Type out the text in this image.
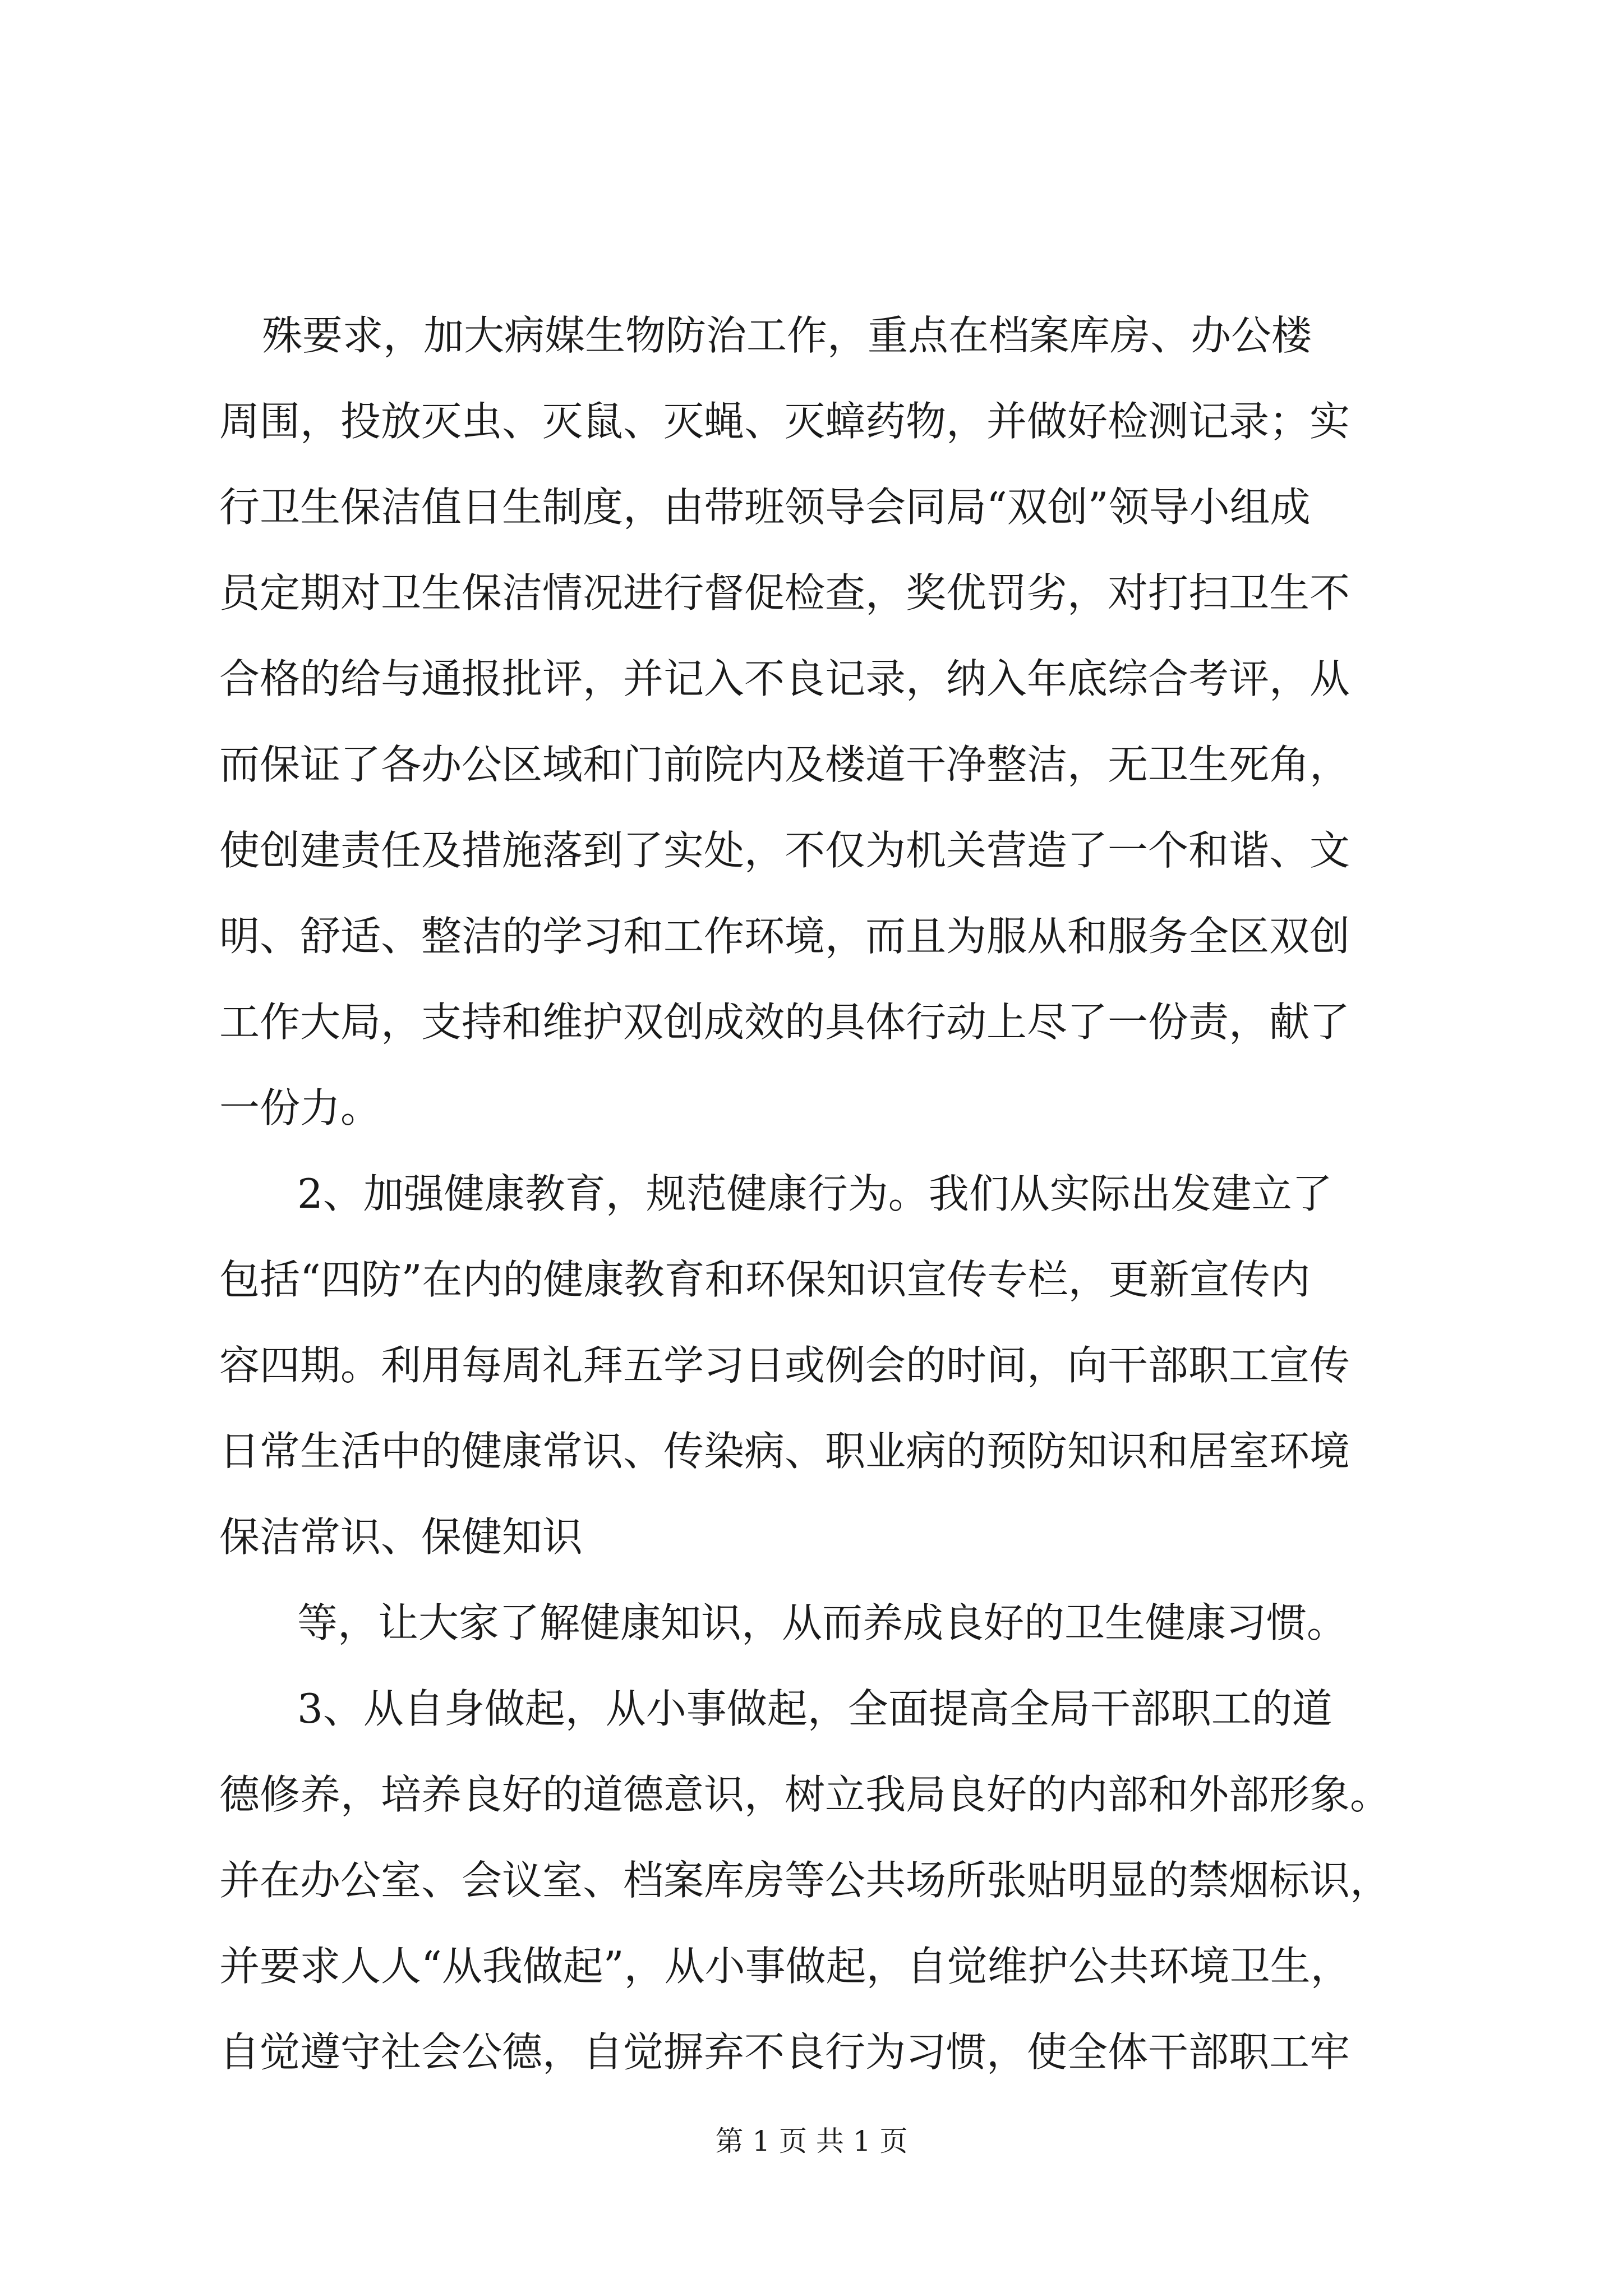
殊要求，加大病媒生物防治工作，重点在档案库房、办公楼
周围，投放灭虫、灭鼠、灭蝇、灭蟑药物，并做好检测记录；实
行卫生保洁值日生制度，由带班领导会同局“双创”领导小组成
员定期对卫生保洁情况进行督促检查，奖优罚劣，对打扫卫生不
合格的给与通报批评，并记入不良记录，纳入年底综合考评，从
而保证了各办公区域和门前院内及楼道干净整洁，无卫生死角，
使创建责任及措施落到了实处，不仅为机关营造了一个和谐、文
明、舒适、整洁的学习和工作环境，而且为服从和服务全区双创
工作大局，支持和维护双创成效的具体行动上尽了一份责，献了
一份力。
2、加强健康教育，规范健康行为。我们从实际出发建立了
包括“四防”在内的健康教育和环保知识宣传专栏，更新宣传内
容四期。利用每周礼拜五学习日或例会的时间，向干部职工宣传
日常生活中的健康常识、传染病、职业病的预防知识和居室环境
保洁常识、保健知识
等，让大家了解健康知识，从而养成良好的卫生健康习惯。
3、从自身做起，从小事做起，全面提高全局干部职工的道
德修养，培养良好的道德意识，树立我局良好的内部和外部形象。
并在办公室、会议室、档案库房等公共场所张贴明显的禁烟标识，
并要求人人“从我做起”，从小事做起，自觉维护公共环境卫生，
自觉遵守社会公德，自觉摒弃不良行为习惯，使全体干部职工牢
第 1 页 共 1 页
